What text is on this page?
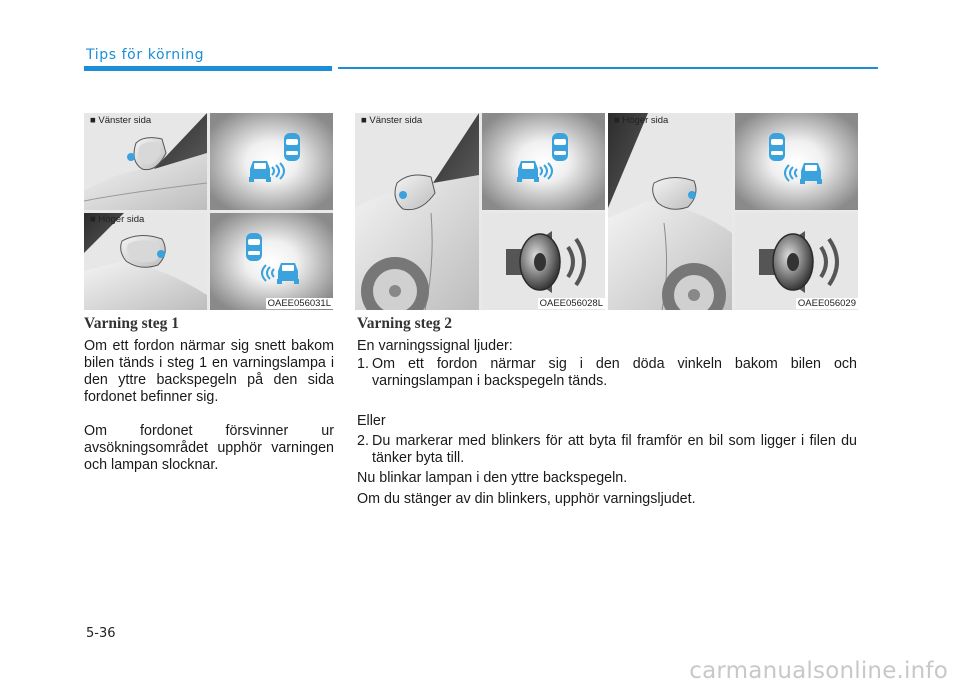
Tips för körning
■ Vänster sida
■ Höger sida
OAEE056031L
■ Vänster sida
OAEE056028L
■ Höger sida
OAEE056029
Varning steg 1

Om ett fordon närmar sig snett bakom bilen tänds i steg 1 en varningslampa i den yttre backspegeln på den sida fordonet befinner sig.

Om fordonet försvinner ur avsökningsområdet upphör varningen och lampan slocknar.

Varning steg 2

En varningssignal ljuder:

1. Om ett fordon närmar sig i den döda vinkeln bakom bilen och varningslampan i backspegeln tänds.

Eller

2. Du markerar med blinkers för att byta fil framför en bil som ligger i filen du tänker byta till.

Nu blinkar lampan i den yttre backspegeln.

Om du stänger av din blinkers, upphör varningsljudet.

5-36
carmanualsonline.info
